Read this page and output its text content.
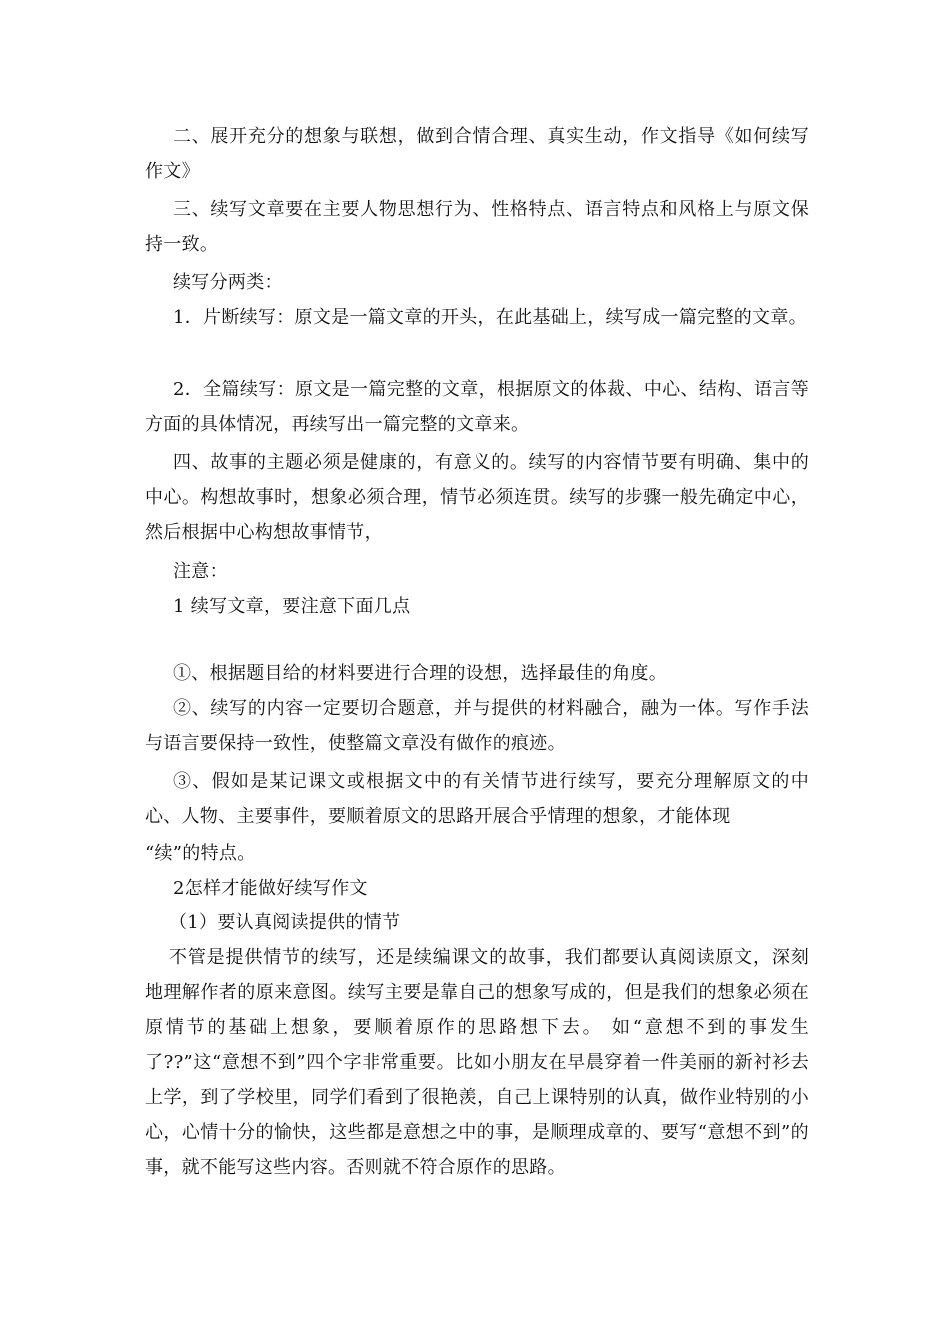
二、展开充分的想象与联想，做到合情合理、真实生动，作文指导《如何续写作文》

三、续写文章要在主要人物思想行为、性格特点、语言特点和风格上与原文保持一致。

续写分两类：

1．片断续写：原文是一篇文章的开头，在此基础上，续写成一篇完整的文章。

2．全篇续写：原文是一篇完整的文章，根据原文的体裁、中心、结构、语言等方面的具体情况，再续写出一篇完整的文章来。

四、故事的主题必须是健康的，有意义的。续写的内容情节要有明确、集中的中心。构想故事时，想象必须合理，情节必须连贯。续写的步骤一般先确定中心，然后根据中心构想故事情节，

注意：

1 续写文章，要注意下面几点

①、根据题目给的材料要进行合理的设想，选择最佳的角度。

②、续写的内容一定要切合题意，并与提供的材料融合，融为一体。写作手法与语言要保持一致性，使整篇文章没有做作的痕迹。

③、假如是某记课文或根据文中的有关情节进行续写，要充分理解原文的中心、人物、主要事件，要顺着原文的思路开展合乎情理的想象，才能体现

“续”的特点。

2怎样才能做好续写作文

（1）要认真阅读提供的情节

不管是提供情节的续写，还是续编课文的故事，我们都要认真阅读原文，深刻地理解作者的原来意图。续写主要是靠自己的想象写成的，但是我们的想象必须在原情节的基础上想象，要顺着原作的思路想下去。 如“意想不到的事发生了??”这“意想不到”四个字非常重要。比如小朋友在早晨穿着一件美丽的新衬衫去上学，到了学校里，同学们看到了很艳羡，自己上课特别的认真，做作业特别的小心，心情十分的愉快，这些都是意想之中的事，是顺理成章的、要写“意想不到”的事，就不能写这些内容。否则就不符合原作的思路。
